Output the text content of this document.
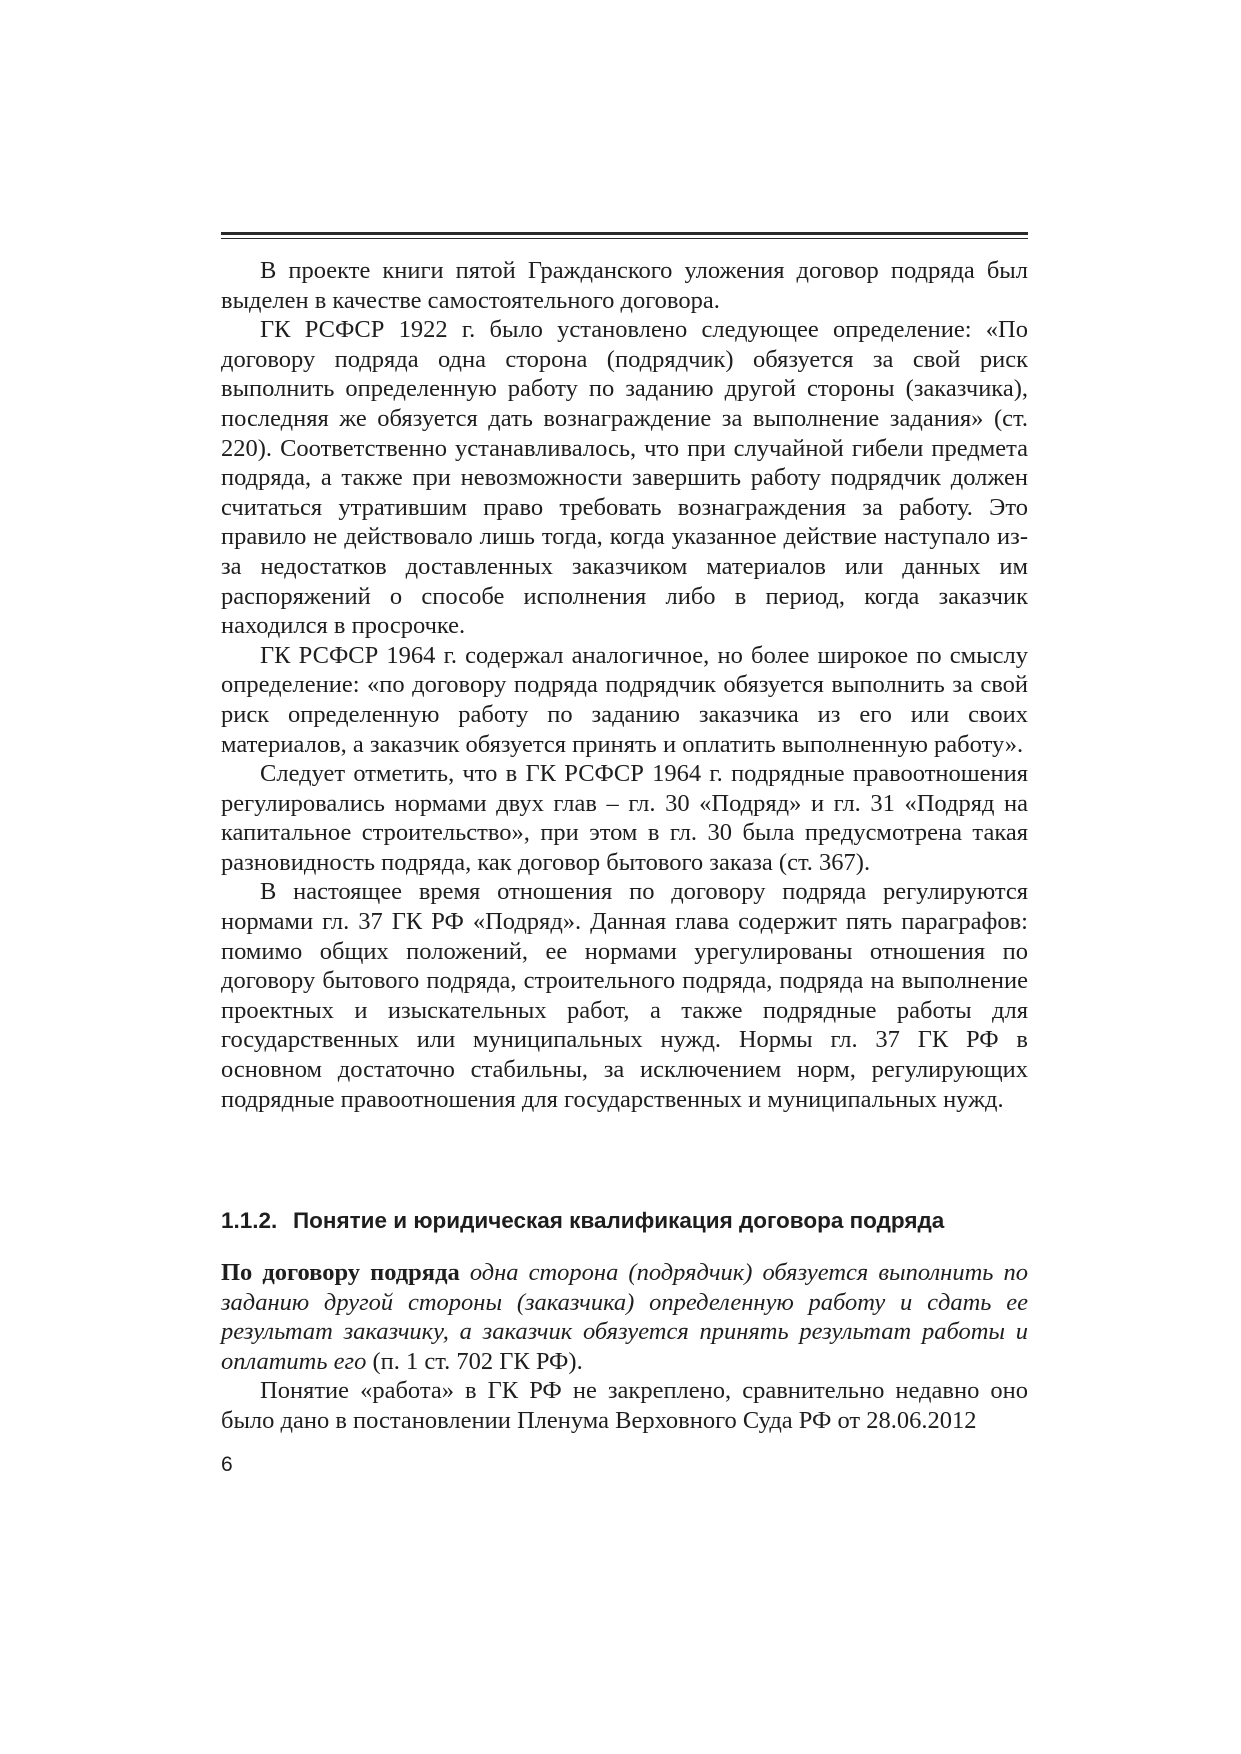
В проекте книги пятой Гражданского уложения договор подряда был выделен в качестве самостоятельного договора.

ГК РСФСР 1922 г. было установлено следующее определение: «По договору подряда одна сторона (подрядчик) обязуется за свой риск выполнить определенную работу по заданию другой стороны (заказчика), последняя же обязуется дать вознаграждение за выполнение задания» (ст. 220). Соответственно устанавливалось, что при случайной гибели предмета подряда, а также при невозможности завершить работу подрядчик должен считаться утратившим право требовать вознаграждения за работу. Это правило не действовало лишь тогда, когда указанное действие наступало из-за недостатков доставленных заказчиком материалов или данных им распоряжений о способе исполнения либо в период, когда заказчик находился в просрочке.

ГК РСФСР 1964 г. содержал аналогичное, но более широкое по смыслу определение: «по договору подряда подрядчик обязуется выполнить за свой риск определенную работу по заданию заказчика из его или своих материалов, а заказчик обязуется принять и оплатить выполненную работу».

Следует отметить, что в ГК РСФСР 1964 г. подрядные правоотношения регулировались нормами двух глав – гл. 30 «Подряд» и гл. 31 «Подряд на капитальное строительство», при этом в гл. 30 была предусмотрена такая разновидность подряда, как договор бытового заказа (ст. 367).

В настоящее время отношения по договору подряда регулируются нормами гл. 37 ГК РФ «Подряд». Данная глава содержит пять параграфов: помимо общих положений, ее нормами урегулированы отношения по договору бытового подряда, строительного подряда, подряда на выполнение проектных и изыскательных работ, а также подрядные работы для государственных или муниципальных нужд. Нормы гл. 37 ГК РФ в основном достаточно стабильны, за исключением норм, регулирующих подрядные правоотношения для государственных и муниципальных нужд.

1.1.2. Понятие и юридическая квалификация договора подряда

По договору подряда одна сторона (подрядчик) обязуется выполнить по заданию другой стороны (заказчика) определенную работу и сдать ее результат заказчику, а заказчик обязуется принять результат работы и оплатить его (п. 1 ст. 702 ГК РФ).

Понятие «работа» в ГК РФ не закреплено, сравнительно недавно оно было дано в постановлении Пленума Верховного Суда РФ от 28.06.2012

6
